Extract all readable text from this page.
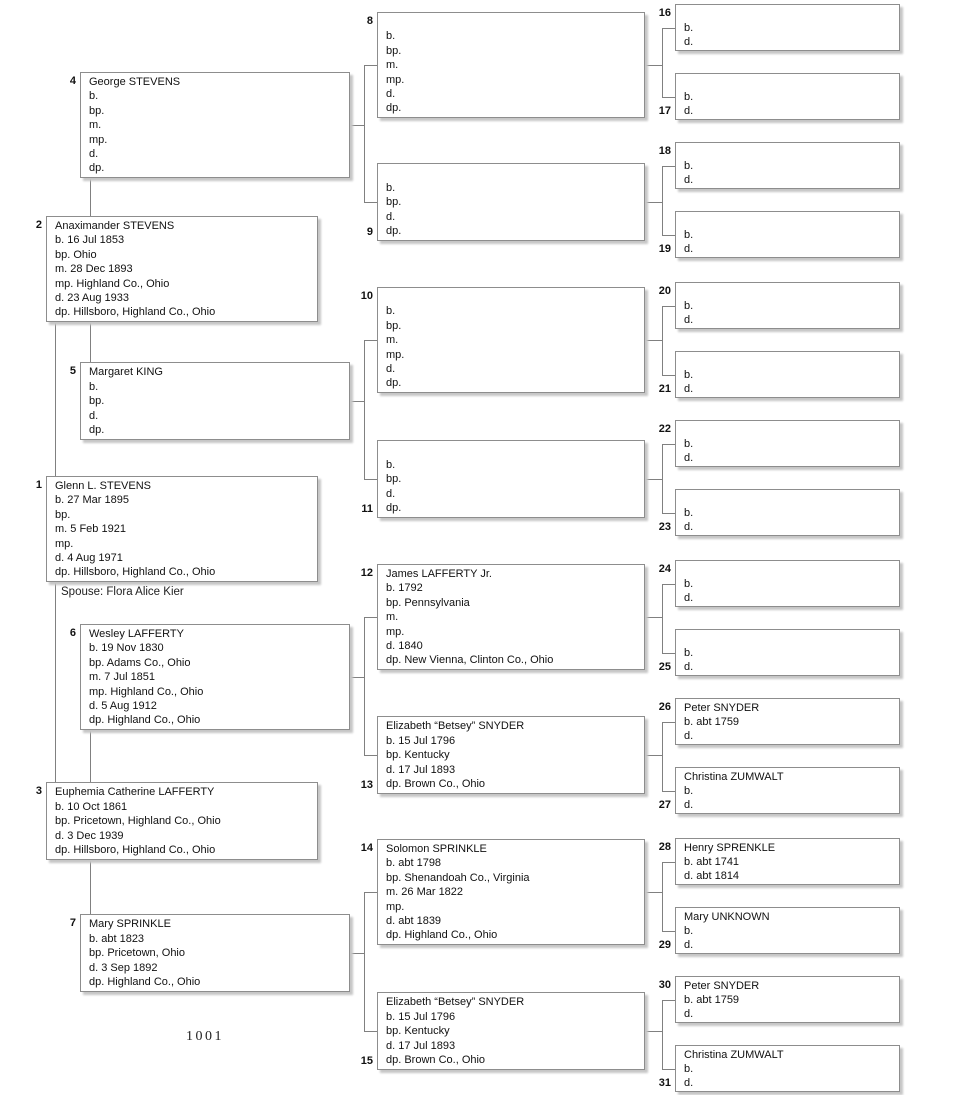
Spouse: Flora Alice Kier
1001
Glenn L. STEVENS
b. 27 Mar 1895
bp.
m. 5 Feb 1921
mp.
d. 4 Aug 1971
dp. Hillsboro, Highland Co., Ohio
1
Anaximander STEVENS
b. 16 Jul 1853
bp. Ohio
m. 28 Dec 1893
mp. Highland Co., Ohio
d. 23 Aug 1933
dp. Hillsboro, Highland Co., Ohio
2
Euphemia Catherine LAFFERTY
b. 10 Oct 1861
bp. Pricetown, Highland Co., Ohio
d. 3 Dec 1939
dp. Hillsboro, Highland Co., Ohio
3
George STEVENS
b.
bp.
m.
mp.
d.
dp.
4
Margaret KING
b.
bp.
d.
dp.
5
Wesley LAFFERTY
b. 19 Nov 1830
bp. Adams Co., Ohio
m. 7 Jul 1851
mp. Highland Co., Ohio
d. 5 Aug 1912
dp. Highland Co., Ohio
6
Mary SPRINKLE
b. abt 1823
bp. Pricetown, Ohio
d. 3 Sep 1892
dp. Highland Co., Ohio
7
b.
bp.
m.
mp.
d.
dp.
8
b.
bp.
d.
dp.
9
b.
bp.
m.
mp.
d.
dp.
10
b.
bp.
d.
dp.
11
James LAFFERTY Jr.
b. 1792
bp. Pennsylvania
m.
mp.
d. 1840
dp. New Vienna, Clinton Co., Ohio
12
Elizabeth “Betsey” SNYDER
b. 15 Jul 1796
bp. Kentucky
d. 17 Jul 1893
dp. Brown Co., Ohio
13
Solomon SPRINKLE
b. abt 1798
bp. Shenandoah Co., Virginia
m. 26 Mar 1822
mp.
d. abt 1839
dp. Highland Co., Ohio
14
Elizabeth “Betsey” SNYDER
b. 15 Jul 1796
bp. Kentucky
d. 17 Jul 1893
dp. Brown Co., Ohio
15
b.
d.
16
b.
d.
17
b.
d.
18
b.
d.
19
b.
d.
20
b.
d.
21
b.
d.
22
b.
d.
23
b.
d.
24
b.
d.
25
Peter SNYDER
b. abt 1759
d.
26
Christina ZUMWALT
b.
d.
27
Henry SPRENKLE
b. abt 1741
d. abt 1814
28
Mary UNKNOWN
b.
d.
29
Peter SNYDER
b. abt 1759
d.
30
Christina ZUMWALT
b.
d.
31
